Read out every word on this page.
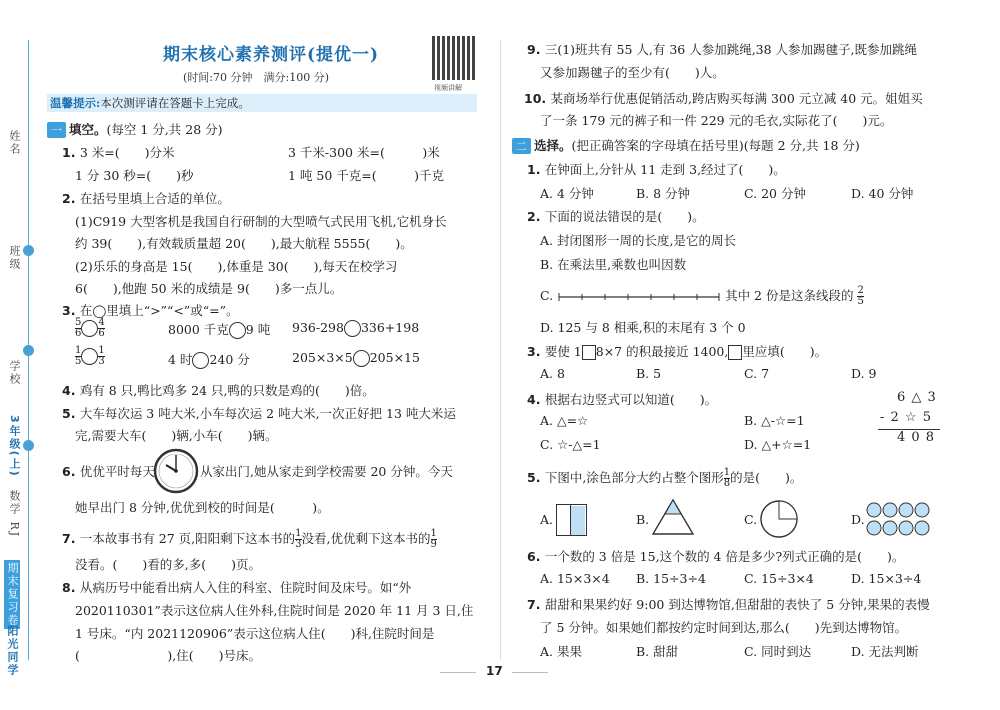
姓名
班级
学校
3年级(上)
数学 RJ
期末复习卷
阳光同学
期末核心素养测评(提优一)
(时间:70 分钟　满分:100 分)
视频讲解
温馨提示:本次测评请在答题卡上完成。
一 填空。(每空 1 分,共 28 分)
1. 3 米=(　　)分米	3 千米-300 米=(　　　)米
1 分 30 秒=(　　)秒	1 吨 50 千克=(　　　)千克
2. 在括号里填上合适的单位。
(1)C919 大型客机是我国自行研制的大型喷气式民用飞机,它机身长
约 39(　　),有效载质量超 20(　　),最大航程 5555(　　)。
(2)乐乐的身高是 15(　　),体重是 30(　　),每天在校学习
6(　　),他跑 50 米的成绩是 9(　　)多一点儿。
3. 在◯里填上“>”“<”或“=”。
$\frac{5}{6} \frac{4}{6}$	8000 千克 9 吨 936-298 336+198
$\frac{1}{5} \frac{1}{3}$	4 时 240 分	205×3×5 205×15
4. 鸡有 8 只,鸭比鸡多 24 只,鸭的只数是鸡的(　　)倍。
5. 大车每次运 3 吨大米,小车每次运 2 吨大米,一次正好把 13 吨大米运
完,需要大车(　　)辆,小车(　　)辆。
6. 优优平时每天	从家出门,她从家走到学校需要 20 分钟。今天
她早出门 8 分钟,优优到校的时间是(　　　)。
7. 一本故事书有 27 页,阳阳剩下这本书的 $\frac{1}{3}$ 没看,优优剩下这本书的 $\frac{1}{9}$
没看。(　　)看的多,多(　　)页。
8. 从病历号中能看出病人入住的科室、住院时间及床号。如“外
2020110301”表示这位病人住外科,住院时间是 2020 年 11 月 3 日,住
1 号床。“内 2021120906”表示这位病人住(　　)科,住院时间是
(　　　　　　　),住(　　)号床。
9. 三(1)班共有 55 人,有 36 人参加跳绳,38 人参加踢毽子,既参加跳绳
又参加踢毽子的至少有(　　)人。
10. 某商场举行优惠促销活动,跨店购买每满 300 元立减 40 元。姐姐买
了一条 179 元的裤子和一件 229 元的毛衣,实际花了(　　)元。
二 选择。(把正确答案的字母填在括号里)(每题 2 分,共 18 分)
1. 在钟面上,分针从 11 走到 3,经过了(　　)。
A. 4 分钟	B. 8 分钟	C. 20 分钟	D. 40 分钟
2. 下面的说法错误的是(　　)。
A. 封闭图形一周的长度,是它的周长
B. 在乘法里,乘数也叫因数
C.	其中 2 份是这条线段的 $\frac{2}{5}$
D. 125 与 8 相乘,积的末尾有 3 个 0
3. 要使 1 8×7 的积最接近 1400, 里应填(　　)。
A. 8	B. 5	C. 7	D. 9
4. 根据右边竖式可以知道(　　)。
A. △=☆	B. △-☆=1
C. ☆-△=1	D. △+☆=1
6 △ 3
- 2 ☆ 5
4 0 8
5. 下图中,涂色部分大约占整个图形 $\frac{1}{8}$ 的是(　　)。
A.	B.	C.	D.
6. 一个数的 3 倍是 15,这个数的 4 倍是多少?列式正确的是(　　)。
A. 15×3×4 B. 15÷3÷4	C. 15÷3×4	D. 15×3÷4
7. 甜甜和果果约好 9:00 到达博物馆,但甜甜的表快了 5 分钟,果果的表慢
了 5 分钟。如果她们都按约定时间到达,那么(　　)先到达博物馆。
A. 果果	B. 甜甜	C. 同时到达	D. 无法判断
17
